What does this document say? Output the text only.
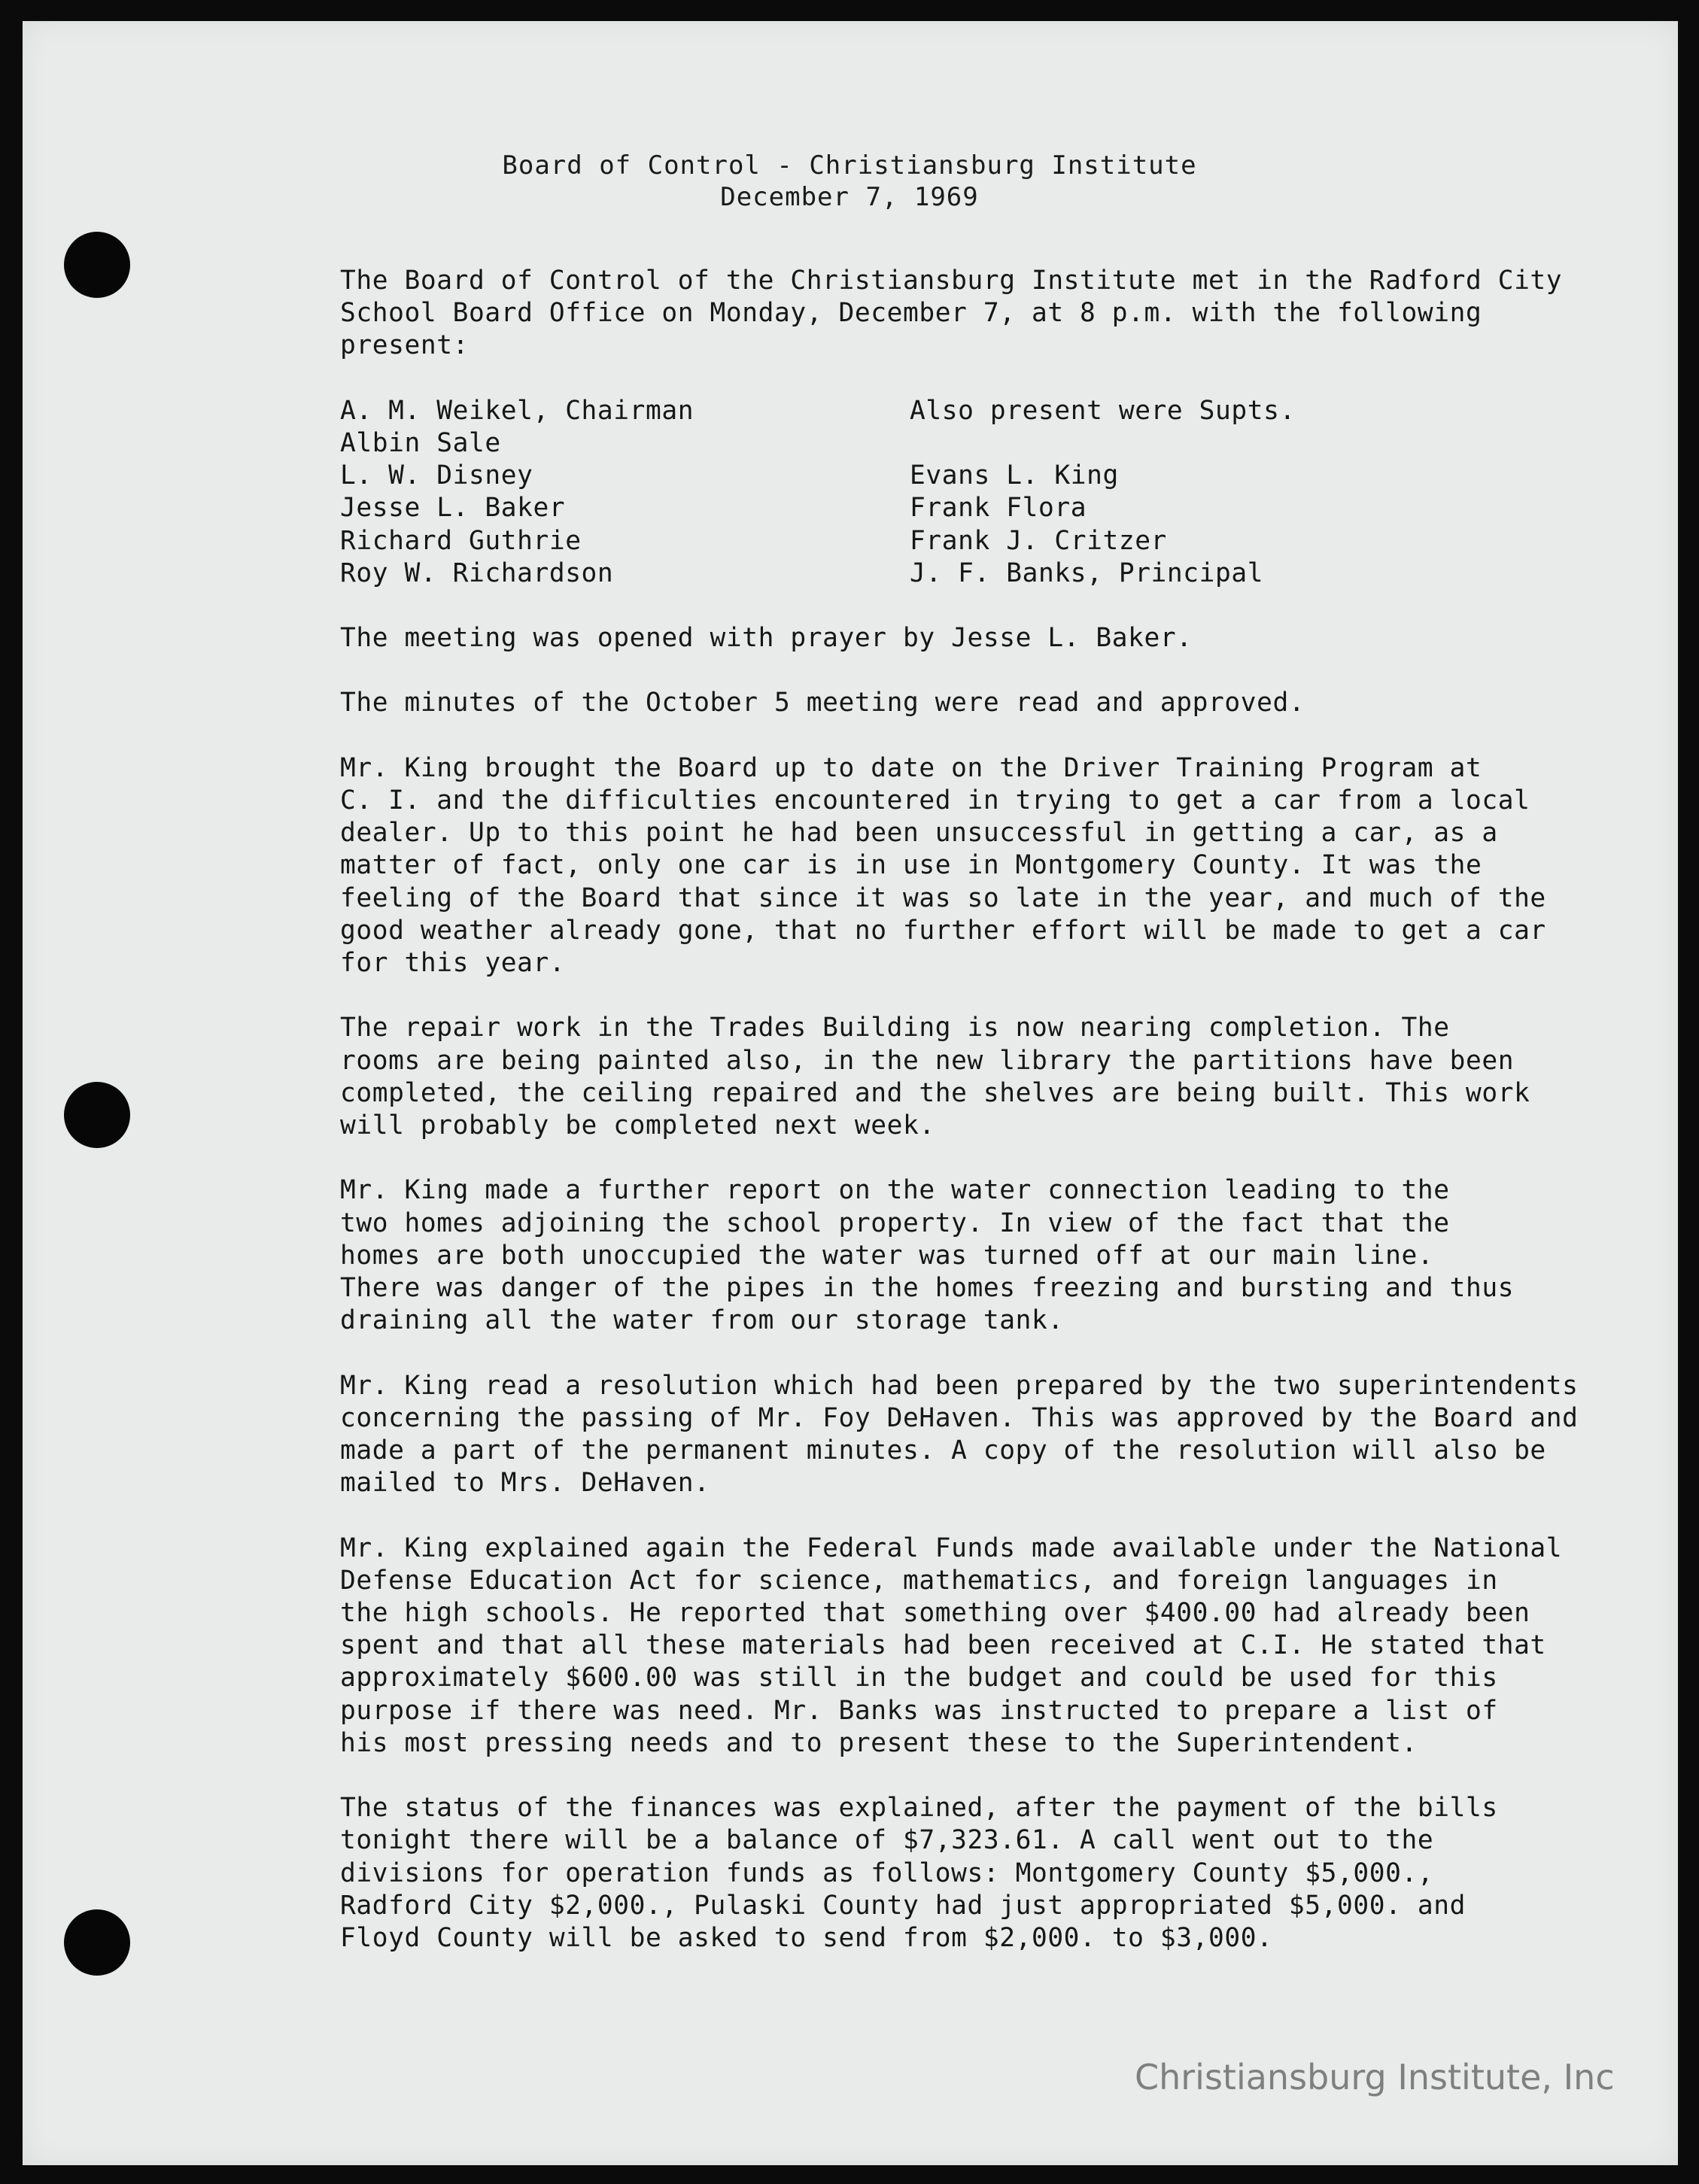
Board of Control - Christiansburg Institute
December 7, 1969

The Board of Control of the Christiansburg Institute met in the Radford City
School Board Office on Monday, December 7, at 8 p.m. with the following
present:

A. M. Weikel, Chairman
Albin Sale
L. W. Disney
Jesse L. Baker
Richard Guthrie
Roy W. Richardson
Also present were Supts.
Evans L. King
Frank Flora
Frank J. Critzer
J. F. Banks, Principal

The meeting was opened with prayer by Jesse L. Baker.

The minutes of the October 5 meeting were read and approved.

Mr. King brought the Board up to date on the Driver Training Program at
C. I. and the difficulties encountered in trying to get a car from a local
dealer. Up to this point he had been unsuccessful in getting a car, as a
matter of fact, only one car is in use in Montgomery County. It was the
feeling of the Board that since it was so late in the year, and much of the
good weather already gone, that no further effort will be made to get a car
for this year.

The repair work in the Trades Building is now nearing completion. The
rooms are being painted also, in the new library the partitions have been
completed, the ceiling repaired and the shelves are being built. This work
will probably be completed next week.

Mr. King made a further report on the water connection leading to the
two homes adjoining the school property. In view of the fact that the
homes are both unoccupied the water was turned off at our main line.
There was danger of the pipes in the homes freezing and bursting and thus
draining all the water from our storage tank.

Mr. King read a resolution which had been prepared by the two superintendents
concerning the passing of Mr. Foy DeHaven. This was approved by the Board and
made a part of the permanent minutes. A copy of the resolution will also be
mailed to Mrs. DeHaven.

Mr. King explained again the Federal Funds made available under the National
Defense Education Act for science, mathematics, and foreign languages in
the high schools. He reported that something over $400.00 had already been
spent and that all these materials had been received at C.I. He stated that
approximately $600.00 was still in the budget and could be used for this
purpose if there was need. Mr. Banks was instructed to prepare a list of
his most pressing needs and to present these to the Superintendent.

The status of the finances was explained, after the payment of the bills
tonight there will be a balance of $7,323.61. A call went out to the
divisions for operation funds as follows: Montgomery County $5,000.,
Radford City $2,000., Pulaski County had just appropriated $5,000. and
Floyd County will be asked to send from $2,000. to $3,000.

Christiansburg Institute, Inc
